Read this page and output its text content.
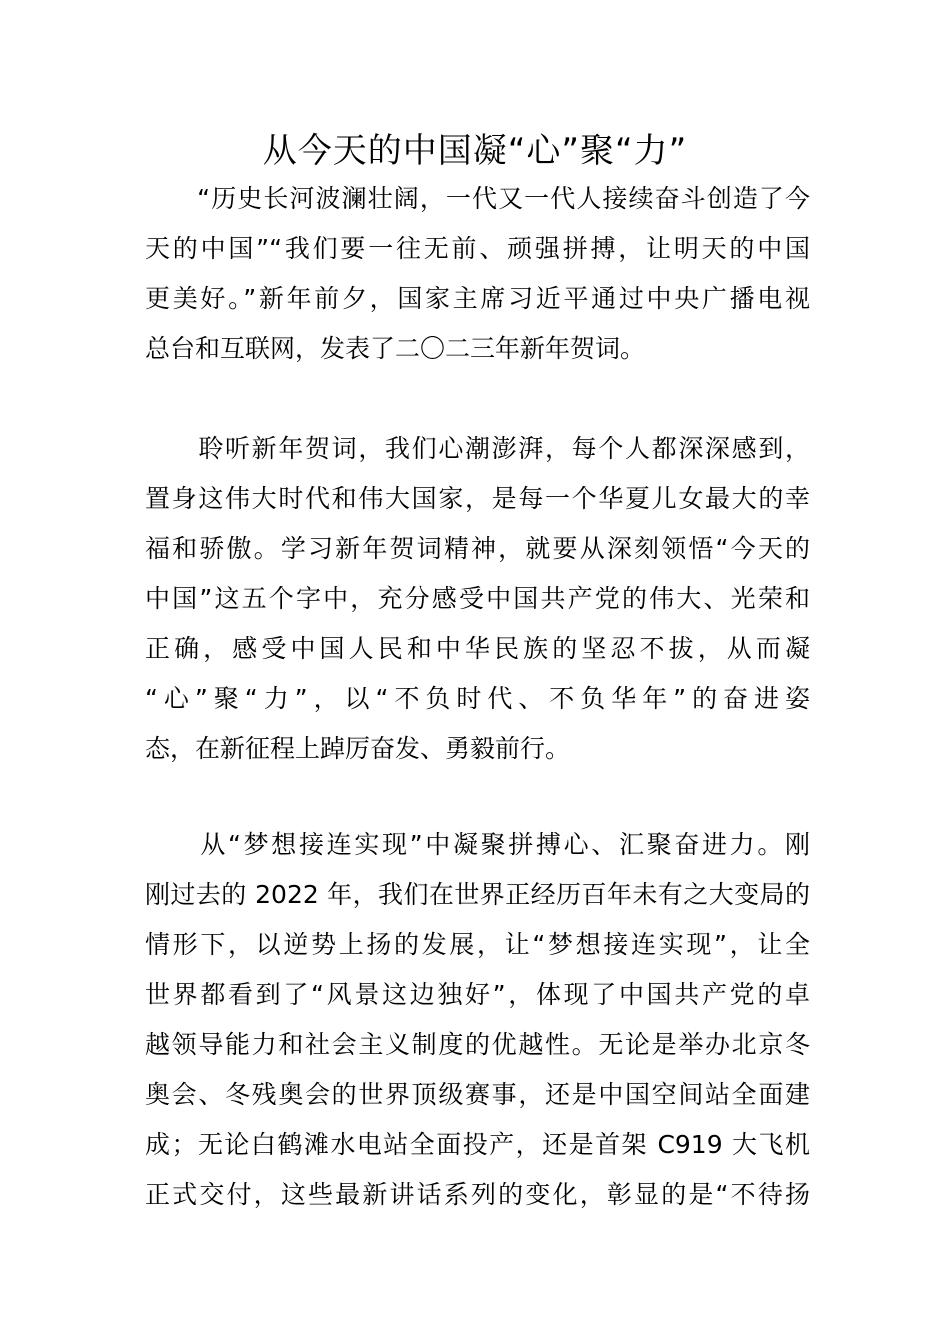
从今天的中国凝“心”聚“力”
　　“历史长河波澜壮阔，一代又一代人接续奋斗创造了今
天的中国”“我们要一往无前、顽强拼搏，让明天的中国
更美好。”新年前夕，国家主席习近平通过中央广播电视
总台和互联网，发表了二〇二三年新年贺词。
　　聆听新年贺词，我们心潮澎湃，每个人都深深感到，
置身这伟大时代和伟大国家，是每一个华夏儿女最大的幸
福和骄傲。学习新年贺词精神，就要从深刻领悟“今天的
中国”这五个字中，充分感受中国共产党的伟大、光荣和
正确，感受中国人民和中华民族的坚忍不拔，从而凝
“心”聚“力”，以“不负时代、不负华年”的奋进姿
态，在新征程上踔厉奋发、勇毅前行。
　　从“梦想接连实现”中凝聚拼搏心、汇聚奋进力。刚
刚过去的 2022 年，我们在世界正经历百年未有之大变局的
情形下，以逆势上扬的发展，让“梦想接连实现”，让全
世界都看到了“风景这边独好”，体现了中国共产党的卓
越领导能力和社会主义制度的优越性。无论是举办北京冬
奥会、冬残奥会的世界顶级赛事，还是中国空间站全面建
成；无论白鹤滩水电站全面投产，还是首架 C919 大飞机
正式交付，这些最新讲话系列的变化，彰显的是“不待扬
